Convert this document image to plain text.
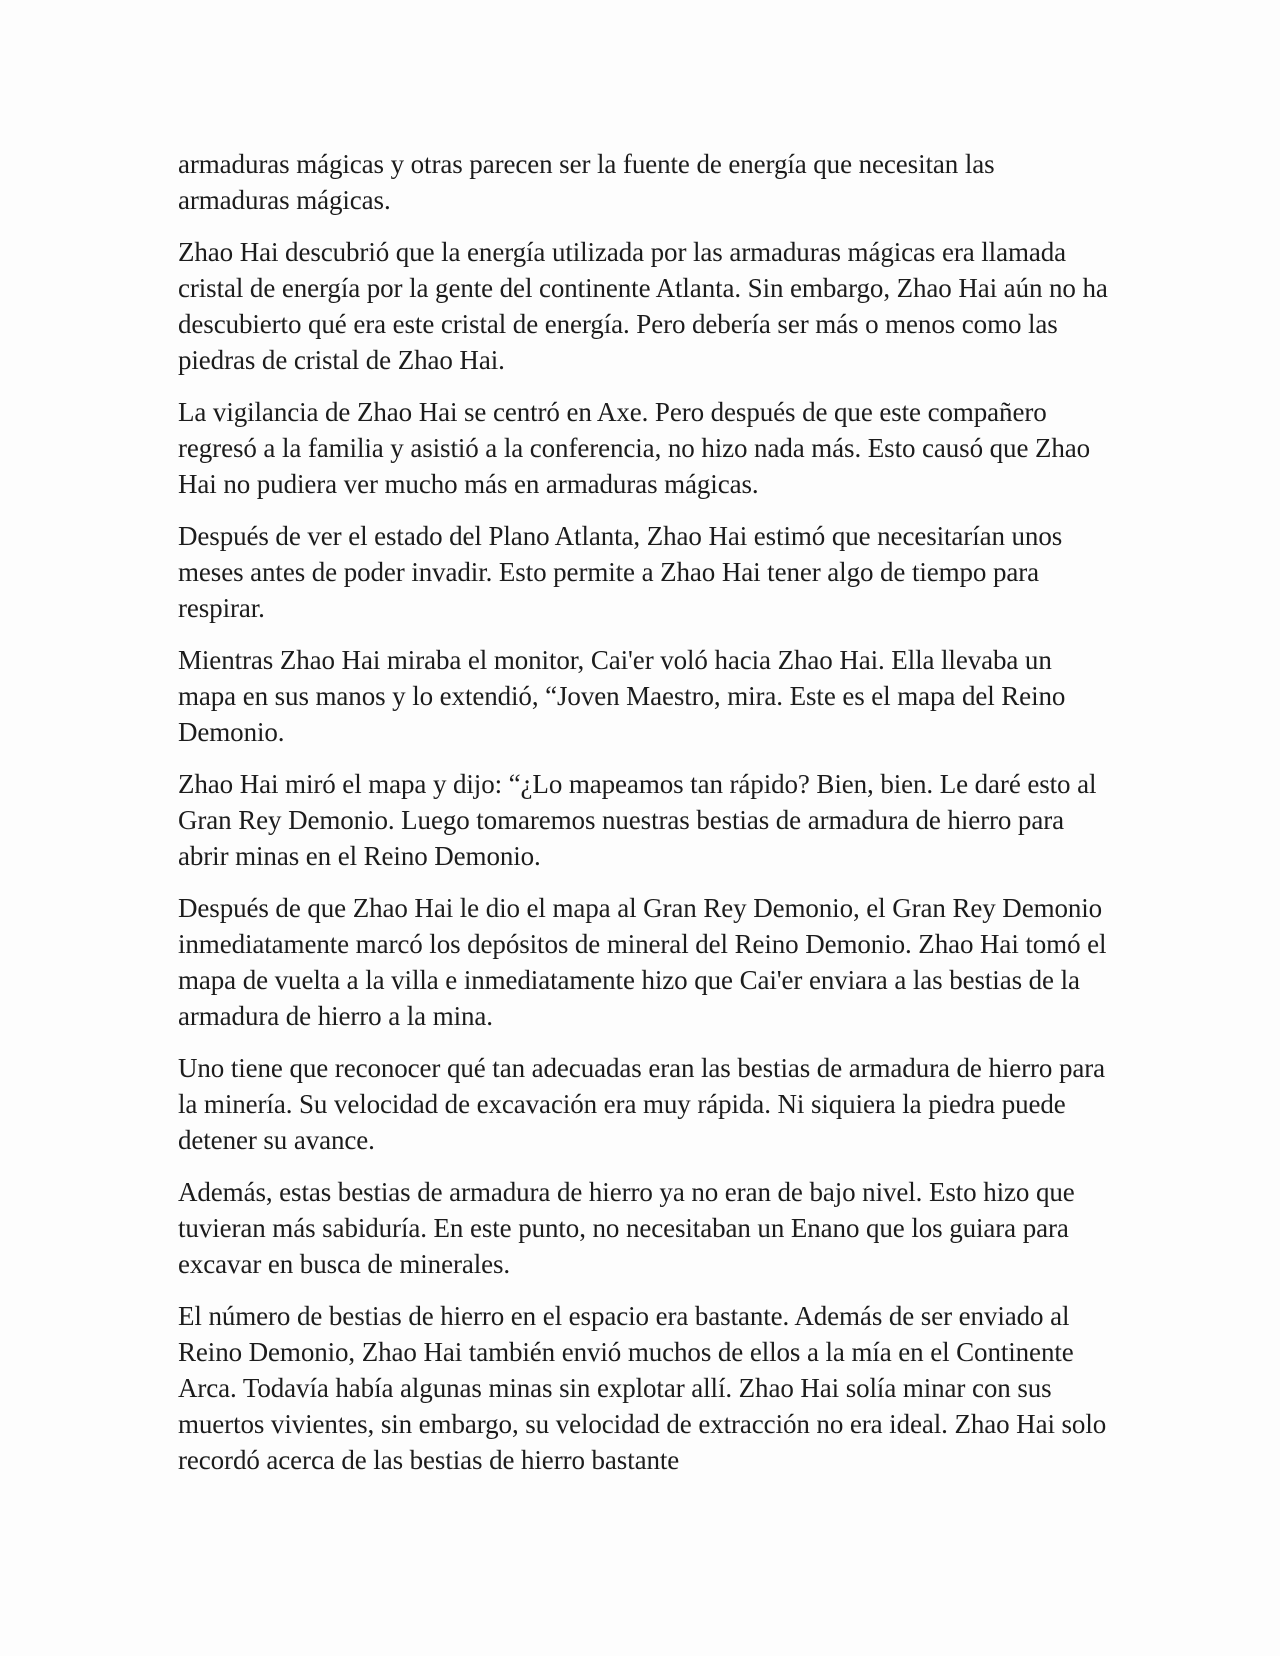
armaduras mágicas y otras parecen ser la fuente de energía que necesitan las armaduras mágicas.

Zhao Hai descubrió que la energía utilizada por las armaduras mágicas era llamada cristal de energía por la gente del continente Atlanta. Sin embargo, Zhao Hai aún no ha descubierto qué era este cristal de energía. Pero debería ser más o menos como las piedras de cristal de Zhao Hai.

La vigilancia de Zhao Hai se centró en Axe. Pero después de que este compañero regresó a la familia y asistió a la conferencia, no hizo nada más. Esto causó que Zhao Hai no pudiera ver mucho más en armaduras mágicas.

Después de ver el estado del Plano Atlanta, Zhao Hai estimó que necesitarían unos meses antes de poder invadir. Esto permite a Zhao Hai tener algo de tiempo para respirar.

Mientras Zhao Hai miraba el monitor, Cai'er voló hacia Zhao Hai. Ella llevaba un mapa en sus manos y lo extendió, “Joven Maestro, mira. Este es el mapa del Reino Demonio.

Zhao Hai miró el mapa y dijo: “¿Lo mapeamos tan rápido? Bien, bien. Le daré esto al Gran Rey Demonio. Luego tomaremos nuestras bestias de armadura de hierro para abrir minas en el Reino Demonio.

Después de que Zhao Hai le dio el mapa al Gran Rey Demonio, el Gran Rey Demonio inmediatamente marcó los depósitos de mineral del Reino Demonio. Zhao Hai tomó el mapa de vuelta a la villa e inmediatamente hizo que Cai'er enviara a las bestias de la armadura de hierro a la mina.

Uno tiene que reconocer qué tan adecuadas eran las bestias de armadura de hierro para la minería. Su velocidad de excavación era muy rápida. Ni siquiera la piedra puede detener su avance.

Además, estas bestias de armadura de hierro ya no eran de bajo nivel. Esto hizo que tuvieran más sabiduría. En este punto, no necesitaban un Enano que los guiara para excavar en busca de minerales.

El número de bestias de hierro en el espacio era bastante. Además de ser enviado al Reino Demonio, Zhao Hai también envió muchos de ellos a la mía en el Continente Arca. Todavía había algunas minas sin explotar allí. Zhao Hai solía minar con sus muertos vivientes, sin embargo, su velocidad de extracción no era ideal. Zhao Hai solo recordó acerca de las bestias de hierro bastante
